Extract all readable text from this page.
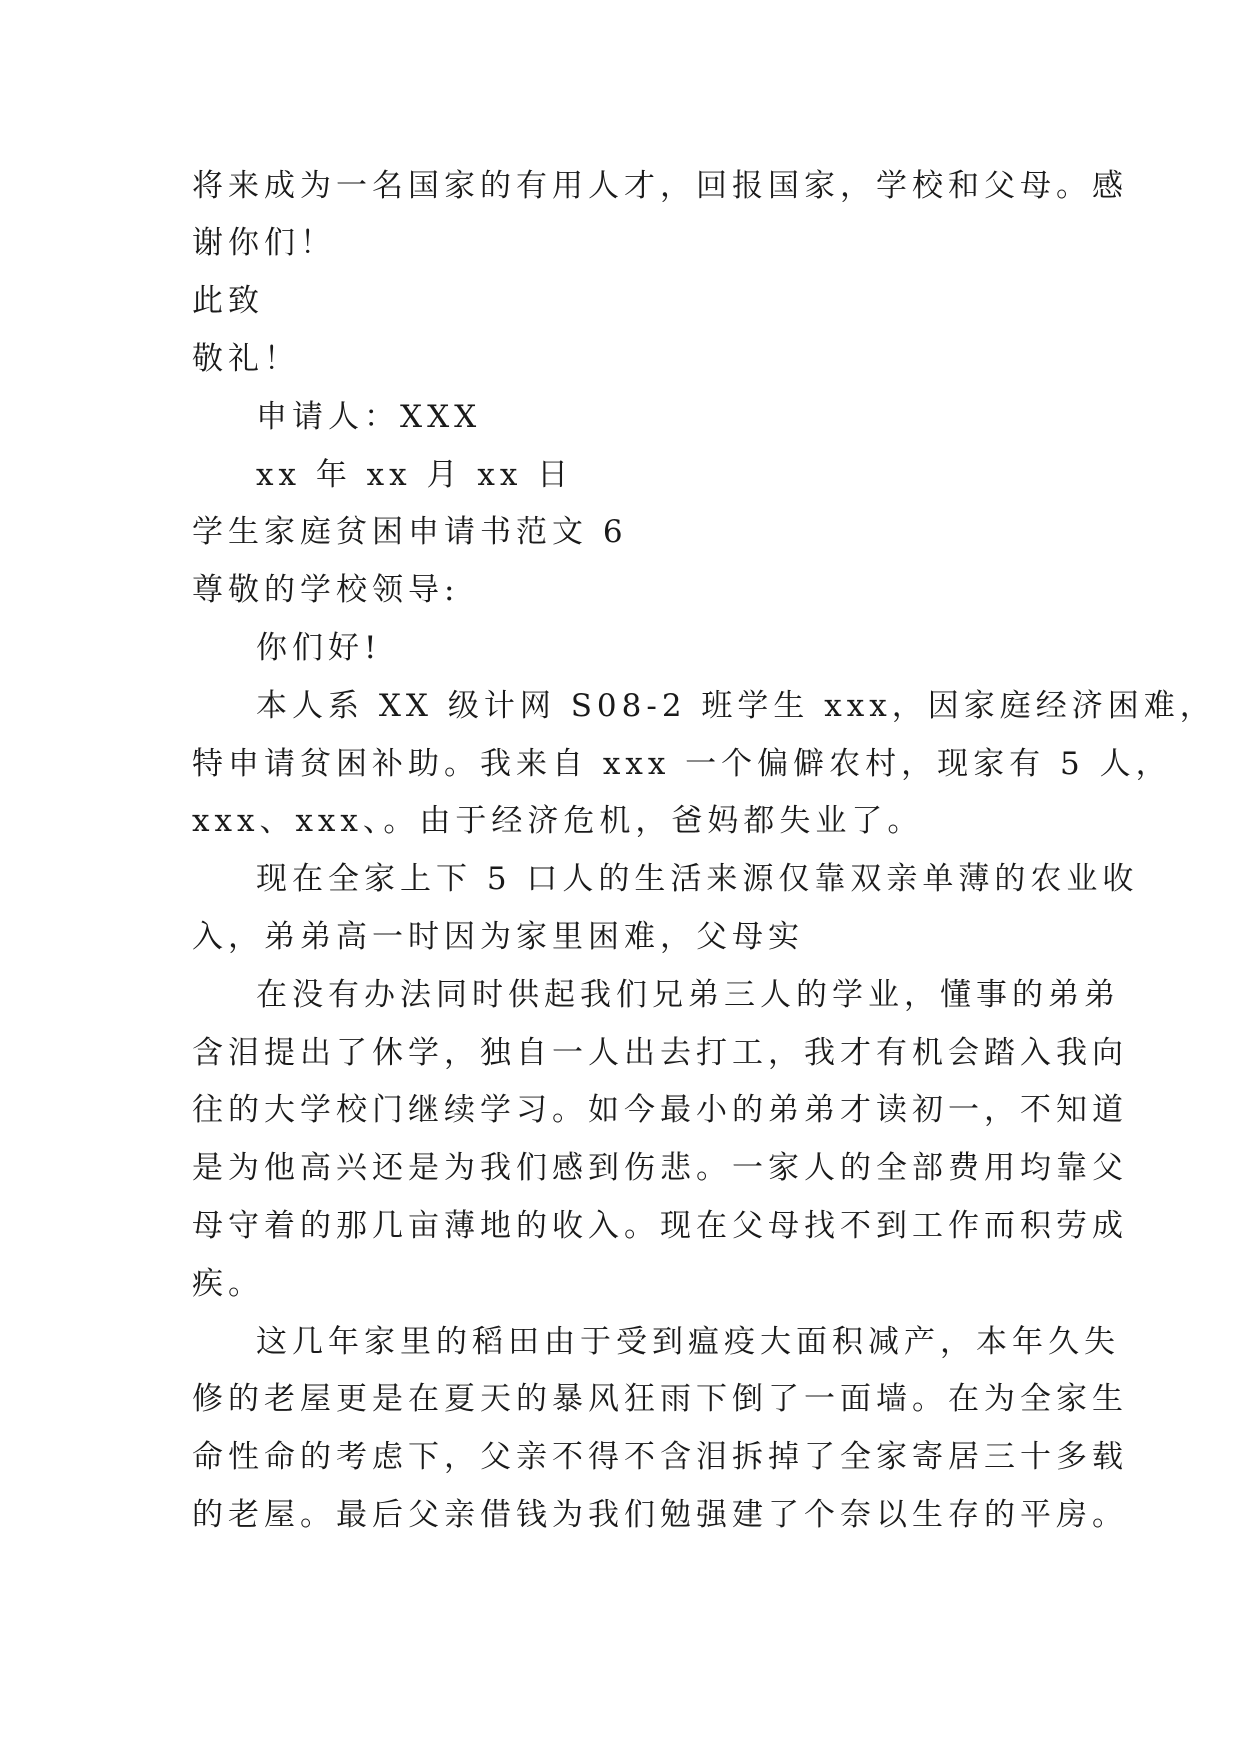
将来成为一名国家的有用人才，回报国家，学校和父母。感
谢你们！
此致
敬礼！
申请人：XXX
xx 年 xx 月 xx 日
学生家庭贫困申请书范文 6
尊敬的学校领导:
你们好!
本人系 XX 级计网 S08-2 班学生 xxx，因家庭经济困难，
特申请贫困补助。我来自 xxx 一个偏僻农村，现家有 5 人，
xxx、xxx、。由于经济危机，爸妈都失业了。
现在全家上下 5 口人的生活来源仅靠双亲单薄的农业收
入，弟弟高一时因为家里困难，父母实
在没有办法同时供起我们兄弟三人的学业，懂事的弟弟
含泪提出了休学，独自一人出去打工，我才有机会踏入我向
往的大学校门继续学习。如今最小的弟弟才读初一，不知道
是为他高兴还是为我们感到伤悲。一家人的全部费用均靠父
母守着的那几亩薄地的收入。现在父母找不到工作而积劳成
疾。
这几年家里的稻田由于受到瘟疫大面积减产，本年久失
修的老屋更是在夏天的暴风狂雨下倒了一面墙。在为全家生
命性命的考虑下，父亲不得不含泪拆掉了全家寄居三十多载
的老屋。最后父亲借钱为我们勉强建了个奈以生存的平房。
